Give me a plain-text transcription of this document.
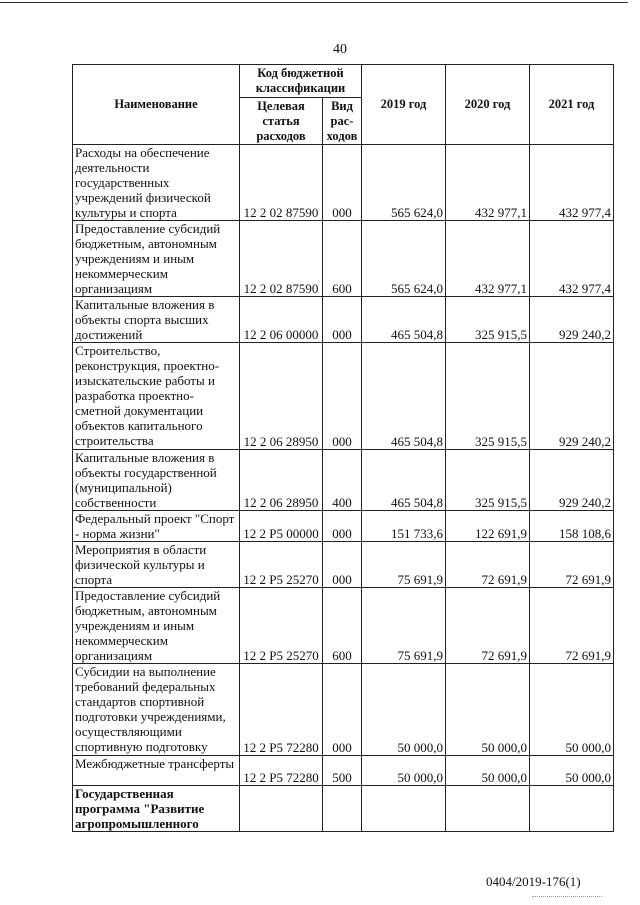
40
Наименование	Код бюджетной классификации		2019 год	2020 год	2021 год
	Целевая статья расходов	Вид рас-ходов			
Расходы на обеспечение деятельности государственных учреждений физической культуры и спорта	12 2 02 87590	000	565 624,0	432 977,1	432 977,4
Предоставление субсидий бюджетным, автономным учреждениям и иным некоммерческим организациям	12 2 02 87590	600	565 624,0	432 977,1	432 977,4
Капитальные вложения в объекты спорта высших достижений	12 2 06 00000	000	465 504,8	325 915,5	929 240,2
Строительство, реконструкция, проектно-изыскательские работы и разработка проектно-сметной документации объектов капитального строительства	12 2 06 28950	000	465 504,8	325 915,5	929 240,2
Капитальные вложения в объекты государственной (муниципальной) собственности	12 2 06 28950	400	465 504,8	325 915,5	929 240,2
Федеральный проект "Спорт - норма жизни"	12 2 Р5 00000	000	151 733,6	122 691,9	158 108,6
Мероприятия в области физической культуры и спорта	12 2 Р5 25270	000	75 691,9	72 691,9	72 691,9
Предоставление субсидий бюджетным, автономным учреждениям и иным некоммерческим организациям	12 2 Р5 25270	600	75 691,9	72 691,9	72 691,9
Субсидии на выполнение требований федеральных стандартов спортивной подготовки учреждениями, осуществляющими спортивную подготовку	12 2 Р5 72280	000	50 000,0	50 000,0	50 000,0
Межбюджетные трансферты	12 2 Р5 72280	500	50 000,0	50 000,0	50 000,0
Государственная программа "Развитие агропромышленного					
0404/2019-176(1)
